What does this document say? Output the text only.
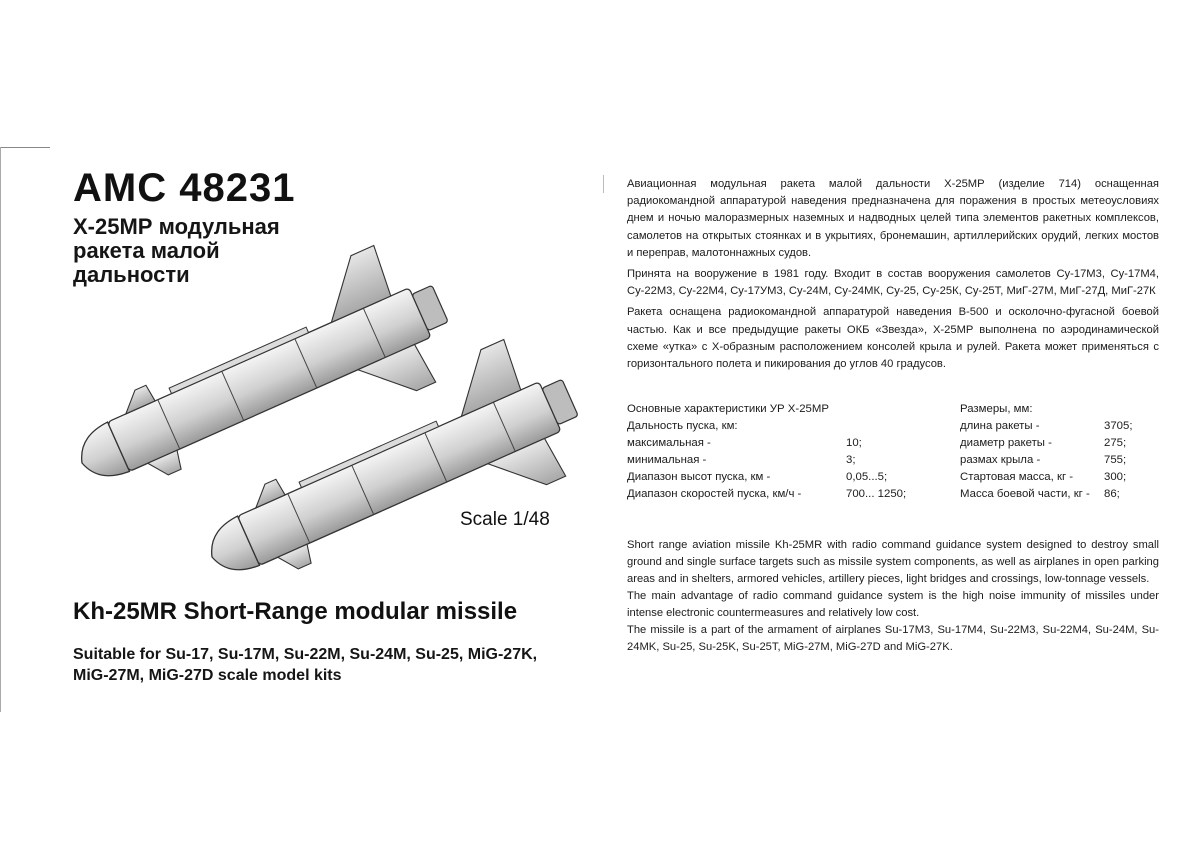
AMC 48231
Х-25МР модульная
ракета малой
дальности
Scale 1/48
Kh-25MR Short-Range modular missile
Suitable for Su-17, Su-17M, Su-22M, Su-24M, Su-25, MiG-27K,
MiG-27M, MiG-27D scale model kits

Авиационная модульная ракета малой дальности Х-25МР (изделие 714) оснащенная радиокомандной аппаратурой наведения предназначена для поражения в простых метеоусловиях днем и ночью малоразмерных наземных и надводных целей типа элементов ракетных комплексов, самолетов на открытых стоянках и в укрытиях, бронемашин, артиллерийских орудий, легких мостов и переправ, малотоннажных судов.

Принята на вооружение в 1981 году. Входит в состав вооружения самолетов Су-17М3, Су-17М4, Су-22М3, Су-22М4, Су-17УМ3, Су-24М, Су-24МК, Су-25, Су-25К, Су-25Т, МиГ-27М, МиГ-27Д, МиГ-27К

Ракета оснащена радиокомандной аппаратурой наведения В-500 и осколочно-фугасной боевой частью. Как и все предыдущие ракеты ОКБ «Звезда», Х-25МР выполнена по аэродинамической схеме «утка» с Х-образным расположением консолей крыла и рулей. Ракета может применяться с горизонтального полета и пикирования до углов 40 градусов.

Основные характеристики УР Х-25МР	Размеры, мм:
Дальность пуска, км:
максимальная -	10;
минимальная -	3;
Диапазон высот пуска, км -	0,05...5;
Диапазон скоростей пуска, км/ч -	700... 1250;
длина ракеты -	3705;
диаметр ракеты -	275;
размах крыла -	755;
Стартовая масса, кг -	300;
Масса боевой части, кг - 86;

Short range aviation missile Kh-25MR with radio command guidance system designed to destroy small ground and single surface targets such as missile system components, as well as airplanes in open parking areas and in shelters, armored vehicles, artillery pieces, light bridges and crossings, low-tonnage vessels.

The main advantage of radio command guidance system is the high noise immunity of missiles under intense electronic countermeasures and relatively low cost.

The missile is a part of the armament of airplanes Su-17M3, Su-17M4, Su-22M3, Su-22M4, Su-24M, Su-24MK, Su-25, Su-25K, Su-25T, MiG-27M, MiG-27D and MiG-27K.
